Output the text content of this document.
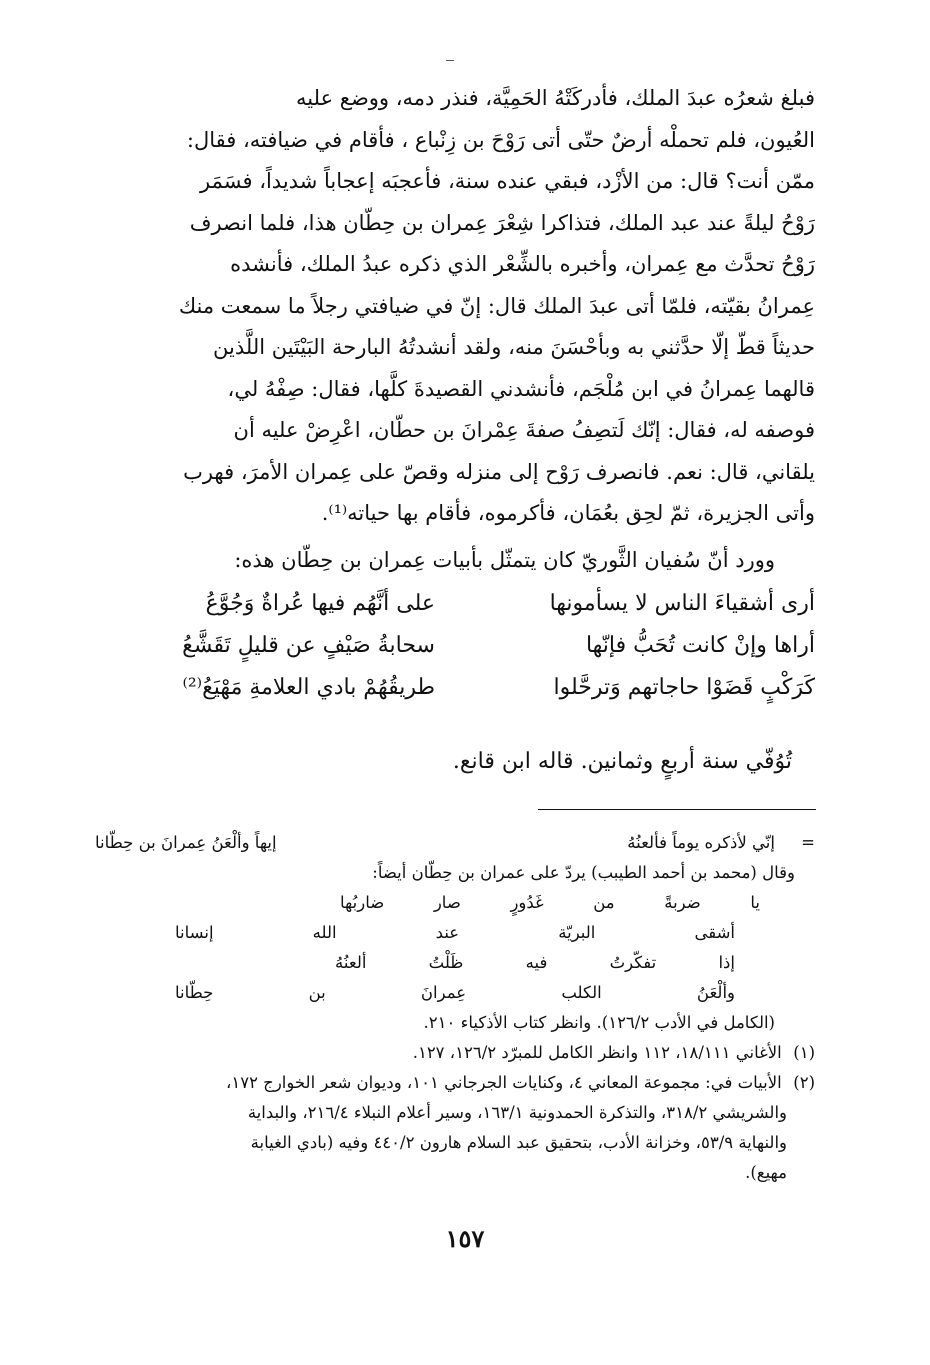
فبلغ شعرُه عبدَ الملك، فأدركَتْهُ الحَمِيَّة، فنذر دمه، ووضع عليه

العُيون، فلم تحملْه أرضٌ حتّى أتى رَوْحَ بن زِنْباع ، فأقام في ضيافته، فقال:

ممّن أنت؟ قال: من الأزْد، فبقي عنده سنة، فأعجبَه إعجاباً شديداً، فسَمَر

رَوْحُ ليلةً عند عبد الملك، فتذاكرا شِعْرَ عِمران بن حِطّان هذا، فلما انصرف

رَوْحُ تحدَّث مع عِمران، وأخبره بالشِّعْر الذي ذكره عبدُ الملك، فأنشده

عِمرانُ بقيّته، فلمّا أتى عبدَ الملك قال: إنّ في ضيافتي رجلاً ما سمعت منك

حديثاً قطّ إلّا حدَّثني به وبأحْسَنَ منه، ولقد أنشدتُهُ البارحة البَيْتَين اللَّذين

قالهما عِمرانُ في ابن مُلْجَم، فأنشدني القصيدةَ كلَّها، فقال: صِفْهُ لي،

فوصفه له، فقال: إنّك لَتصِفُ صفةَ عِمْرانَ بن حطّان، اعْرِضْ عليه أن

يلقاني، قال: نعم. فانصرف رَوْح إلى منزله وقصّ على عِمران الأمرَ، فهرب

وأتى الجزيرة، ثمّ لحِق بعُمَان، فأكرموه، فأقام بها حياته⁽¹⁾.

وورد أنّ سُفيان الثَّوريّ كان يتمثّل بأبيات عِمران بن حِطّان هذه:

أرى أشقياءَ الناس لا يسأمونها
على أنَّهُم فيها عُراةٌ وَجُوَّعُ
أراها وإنْ كانت تُحَبُّ فإنّها
سحابةُ صَيْفٍ عن قليلٍ تَقَشَّعُ
كَرَكْبٍ قَضَوْا حاجاتهم وَترحَّلوا
طريقُهُمْ بادي العلامةِ مَهْيَعُ⁽²⁾
تُوُفّي سنة أربعٍ وثمانين. قاله ابن قانع.
=
إنّي لأذكره يوماً فألعنُهُ
إيهاً وألْعَنُ عِمرانَ بن حِطّانا
وقال (محمد بن أحمد الطيبب) يردّ على عمران بن حِطّان أيضاً:
يا
ضربةً
من
غَدُورٍ
صار
ضاربُها
أشقى
البريّة
عند
الله
إنسانا
إذا
تفكّرتُ
فيه
ظَلْتُ
ألعنُهُ
وألْعَنُ
الكلب
عِمرانَ
بن
حِطّانا
(الكامل في الأدب ١٢٦/٢). وانظر كتاب الأذكياء ٢١٠.
(١) الأغاني ١٨/١١١، ١١٢ وانظر الكامل للمبرّد ١٢٦/٢، ١٢٧.
(٢) الأبيات في: مجموعة المعاني ٤، وكنايات الجرجاني ١٠١، وديوان شعر الخوارج ١٧٢،
والشريشي ٣١٨/٢، والتذكرة الحمدونية ١٦٣/١، وسير أعلام النبلاء ٢١٦/٤، والبداية
والنهاية ٥٣/٩، وخزانة الأدب، بتحقيق عبد السلام هارون ٤٤٠/٢ وفيه (بادي الغيابة
مهيع).
١٥٧
